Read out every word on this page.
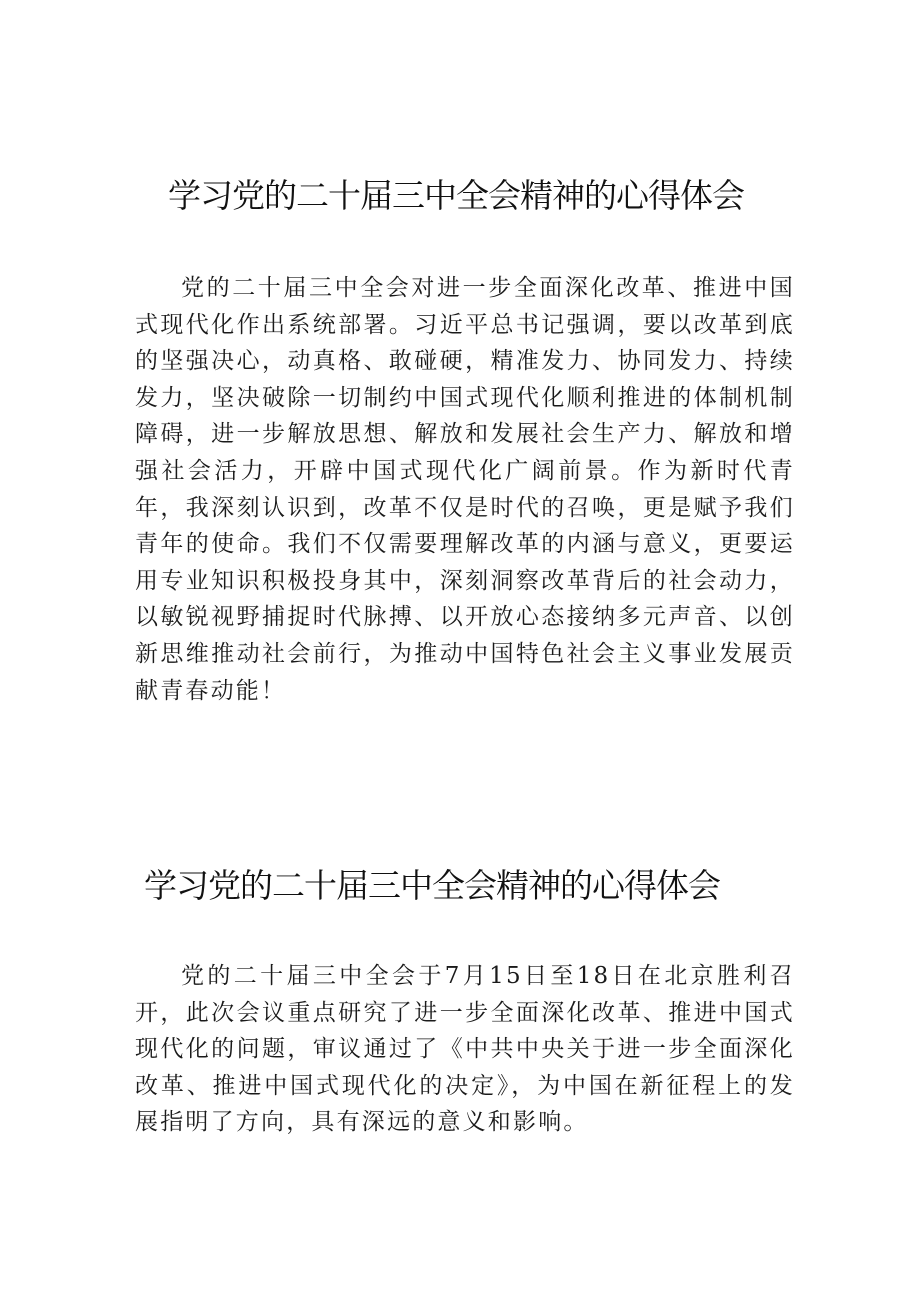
学习党的二十届三中全会精神的心得体会

党的二十届三中全会对进一步全面深化改革、推进中国式现代化作出系统部署。习近平总书记强调，要以改革到底的坚强决心，动真格、敢碰硬，精准发力、协同发力、持续发力，坚决破除一切制约中国式现代化顺利推进的体制机制障碍，进一步解放思想、解放和发展社会生产力、解放和增强社会活力，开辟中国式现代化广阔前景。作为新时代青年，我深刻认识到，改革不仅是时代的召唤，更是赋予我们青年的使命。我们不仅需要理解改革的内涵与意义，更要运用专业知识积极投身其中，深刻洞察改革背后的社会动力，以敏锐视野捕捉时代脉搏、以开放心态接纳多元声音、以创新思维推动社会前行，为推动中国特色社会主义事业发展贡献青春动能！

学习党的二十届三中全会精神的心得体会

党的二十届三中全会于7月15日至18日在北京胜利召开，此次会议重点研究了进一步全面深化改革、推进中国式现代化的问题，审议通过了《中共中央关于进一步全面深化改革、推进中国式现代化的决定》，为中国在新征程上的发展指明了方向，具有深远的意义和影响。
